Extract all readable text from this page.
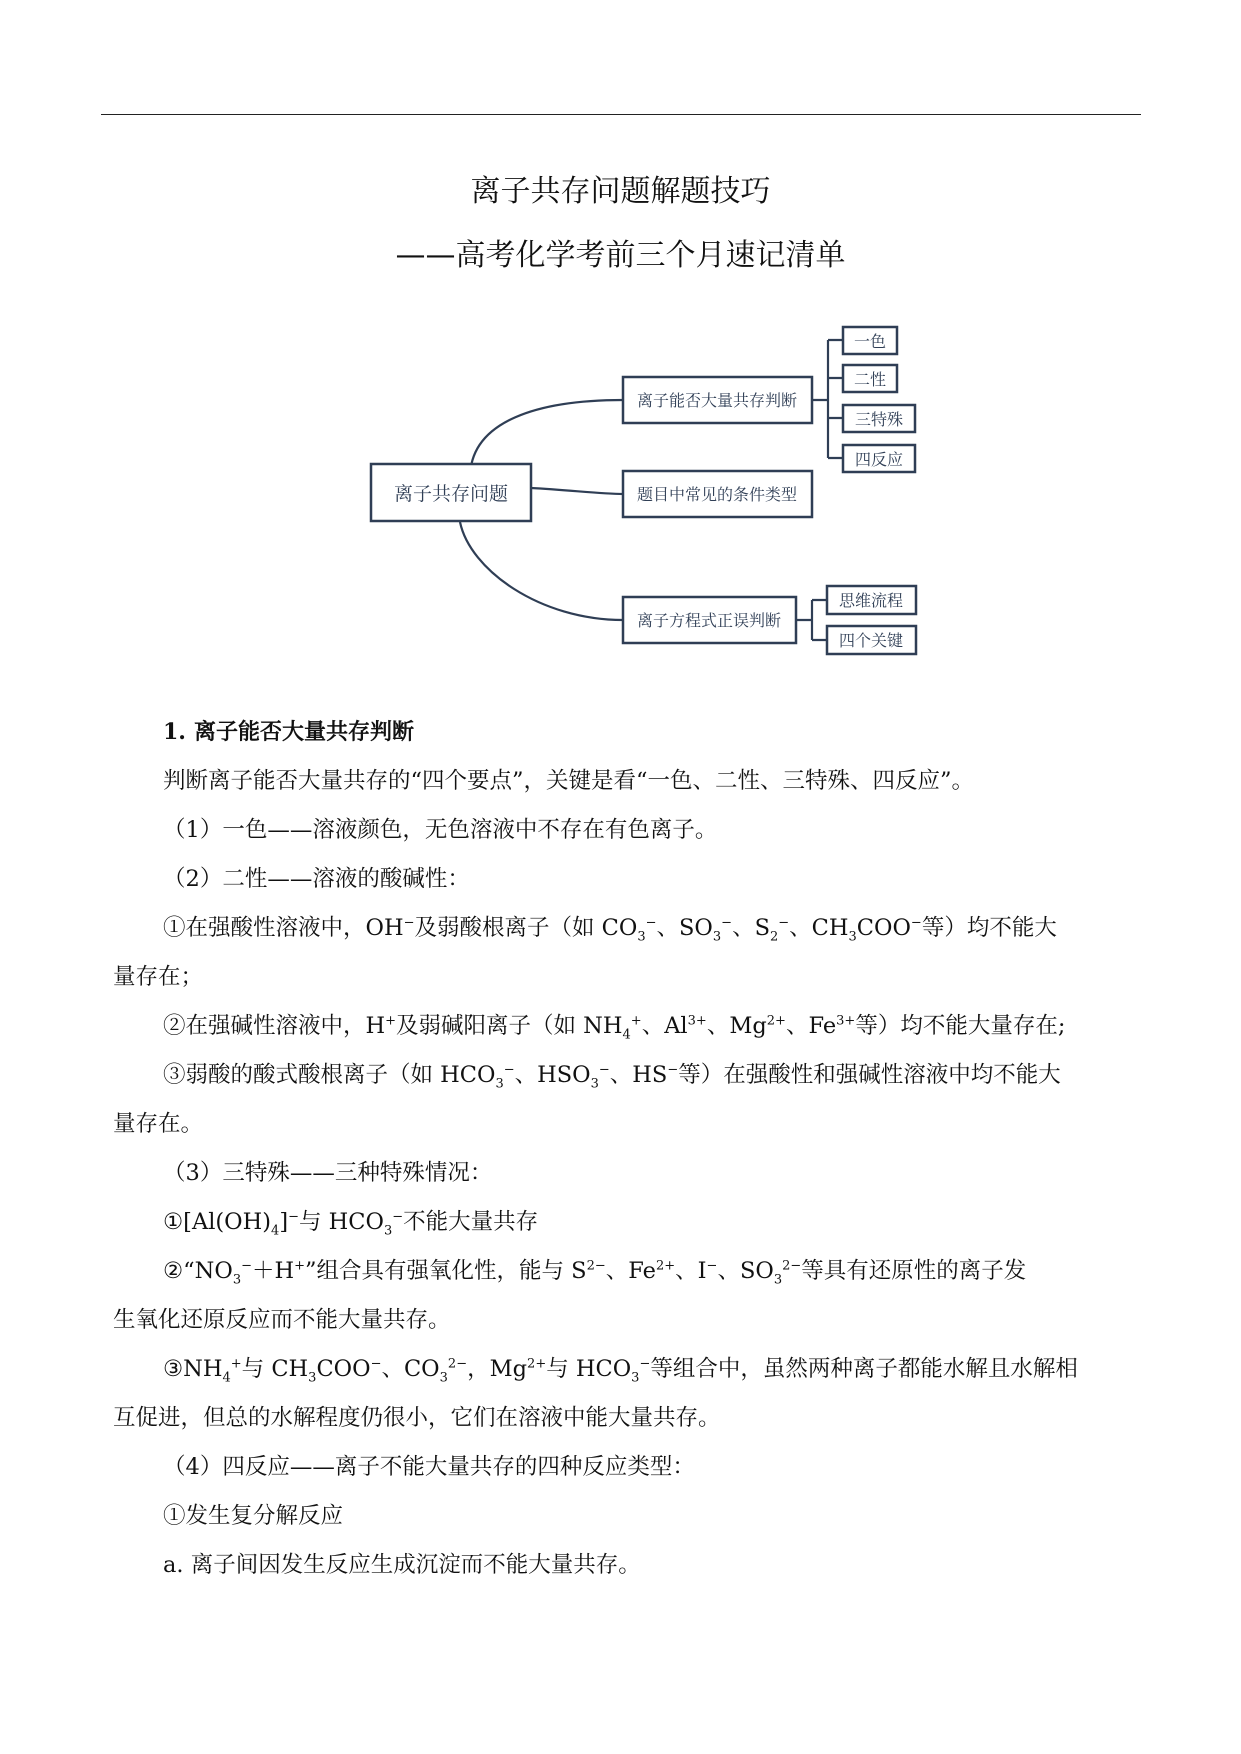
离子共存问题解题技巧
——高考化学考前三个月速记清单
离子共存问题
离子能否大量共存判断
一色
二性
三特殊
四反应
题目中常见的条件类型
离子方程式正误判断
思维流程
四个关键

1. 离子能否大量共存判断

判断离子能否大量共存的“四个要点”，关键是看“一色、二性、三特殊、四反应”。

（1）一色——溶液颜色，无色溶液中不存在有色离子。

（2）二性——溶液的酸碱性：

①在强酸性溶液中，OH−及弱酸根离子（如 $CO_3^-$、$SO_3^-$、$S_2^-$、$CH_3COO^-$等）均不能大

量存在；

②在强碱性溶液中，H+及弱碱阳离子（如 $NH_4^+$、$Al^{3+}$、$Mg^{2+}$、$Fe^{3+}$等）均不能大量存在;

③弱酸的酸式酸根离子（如 $HCO_3^-$、$HSO_3^-$、HS−等）在强酸性和强碱性溶液中均不能大

量存在。

（3）三特殊——三种特殊情况：

$①[Al(OH)_4]^-$与 $HCO_3^-$不能大量共存

$②“NO_3^-+H^+$”组合具有强氧化性，能与 $S^{2-}$、$Fe^{2+}$、I−、$SO_3^{2-}$等具有还原性的离子发

生氧化还原反应而不能大量共存。

$③NH_4^+$与 $CH_3COO^-$、$CO_3^{2-}$，$Mg^{2+}$与 $HCO_3^-$等组合中，虽然两种离子都能水解且水解相

互促进，但总的水解程度仍很小，它们在溶液中能大量共存。

（4）四反应——离子不能大量共存的四种反应类型：

①发生复分解反应

a. 离子间因发生反应生成沉淀而不能大量共存。
